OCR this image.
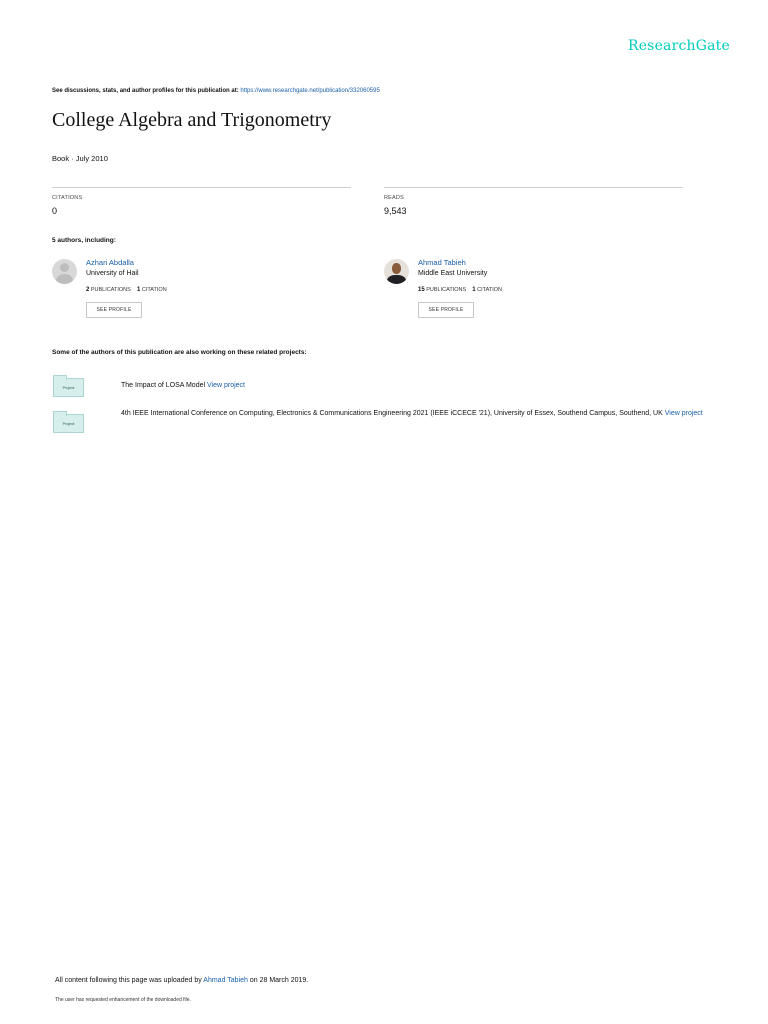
ResearchGate
See discussions, stats, and author profiles for this publication at: https://www.researchgate.net/publication/332060595
College Algebra and Trigonometry
Book · July 2010
CITATIONS
0
READS
9,543
5 authors, including:
Azhari Abdalla
University of Hail
2 PUBLICATIONS 1 CITATION
SEE PROFILE
Ahmad Tabieh
Middle East University
15 PUBLICATIONS 1 CITATION
SEE PROFILE
Some of the authors of this publication are also working on these related projects:
Project	The Impact of LOSA Model View project
Project
4th IEEE International Conference on Computing, Electronics & Communications Engineering 2021 (IEEE iCCECE '21), University of Essex, Southend Campus, Southend, UK View project
All content following this page was uploaded by Ahmad Tabieh on 28 March 2019.
The user has requested enhancement of the downloaded file.
